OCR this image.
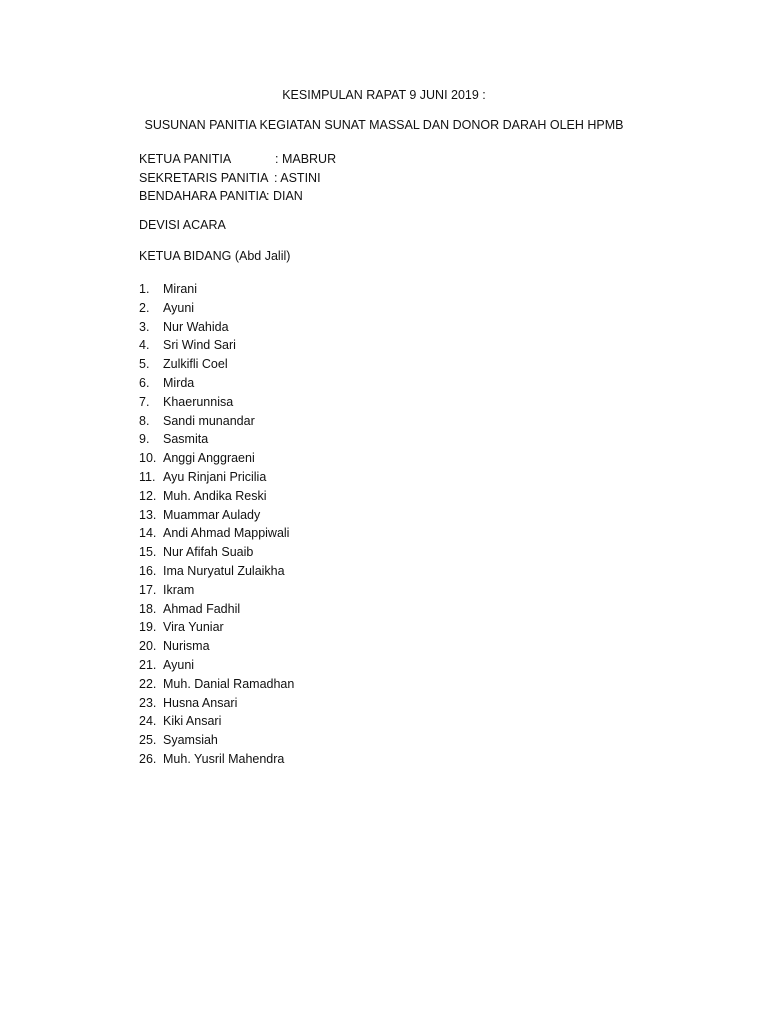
KESIMPULAN RAPAT 9 JUNI 2019 :
SUSUNAN PANITIA KEGIATAN SUNAT MASSAL DAN DONOR DARAH OLEH HPMB
KETUA PANITIA	: MABRUR
SEKRETARIS PANITIA : ASTINI
BENDAHARA PANITIA
: DIAN
DEVISI ACARA
KETUA BIDANG (Abd Jalil)
1. Mirani
2. Ayuni
3. Nur Wahida
4. Sri Wind Sari
5. Zulkifli Coel
6. Mirda
7. Khaerunnisa
8. Sandi munandar
9. Sasmita
10. Anggi Anggraeni
11. Ayu Rinjani Pricilia
12. Muh. Andika Reski
13. Muammar Aulady
14. Andi Ahmad Mappiwali
15. Nur Afifah Suaib
16. Ima Nuryatul Zulaikha
17. Ikram
18. Ahmad Fadhil
19. Vira Yuniar
20. Nurisma
21. Ayuni
22. Muh. Danial Ramadhan
23. Husna Ansari
24. Kiki Ansari
25. Syamsiah
26. Muh. Yusril Mahendra
